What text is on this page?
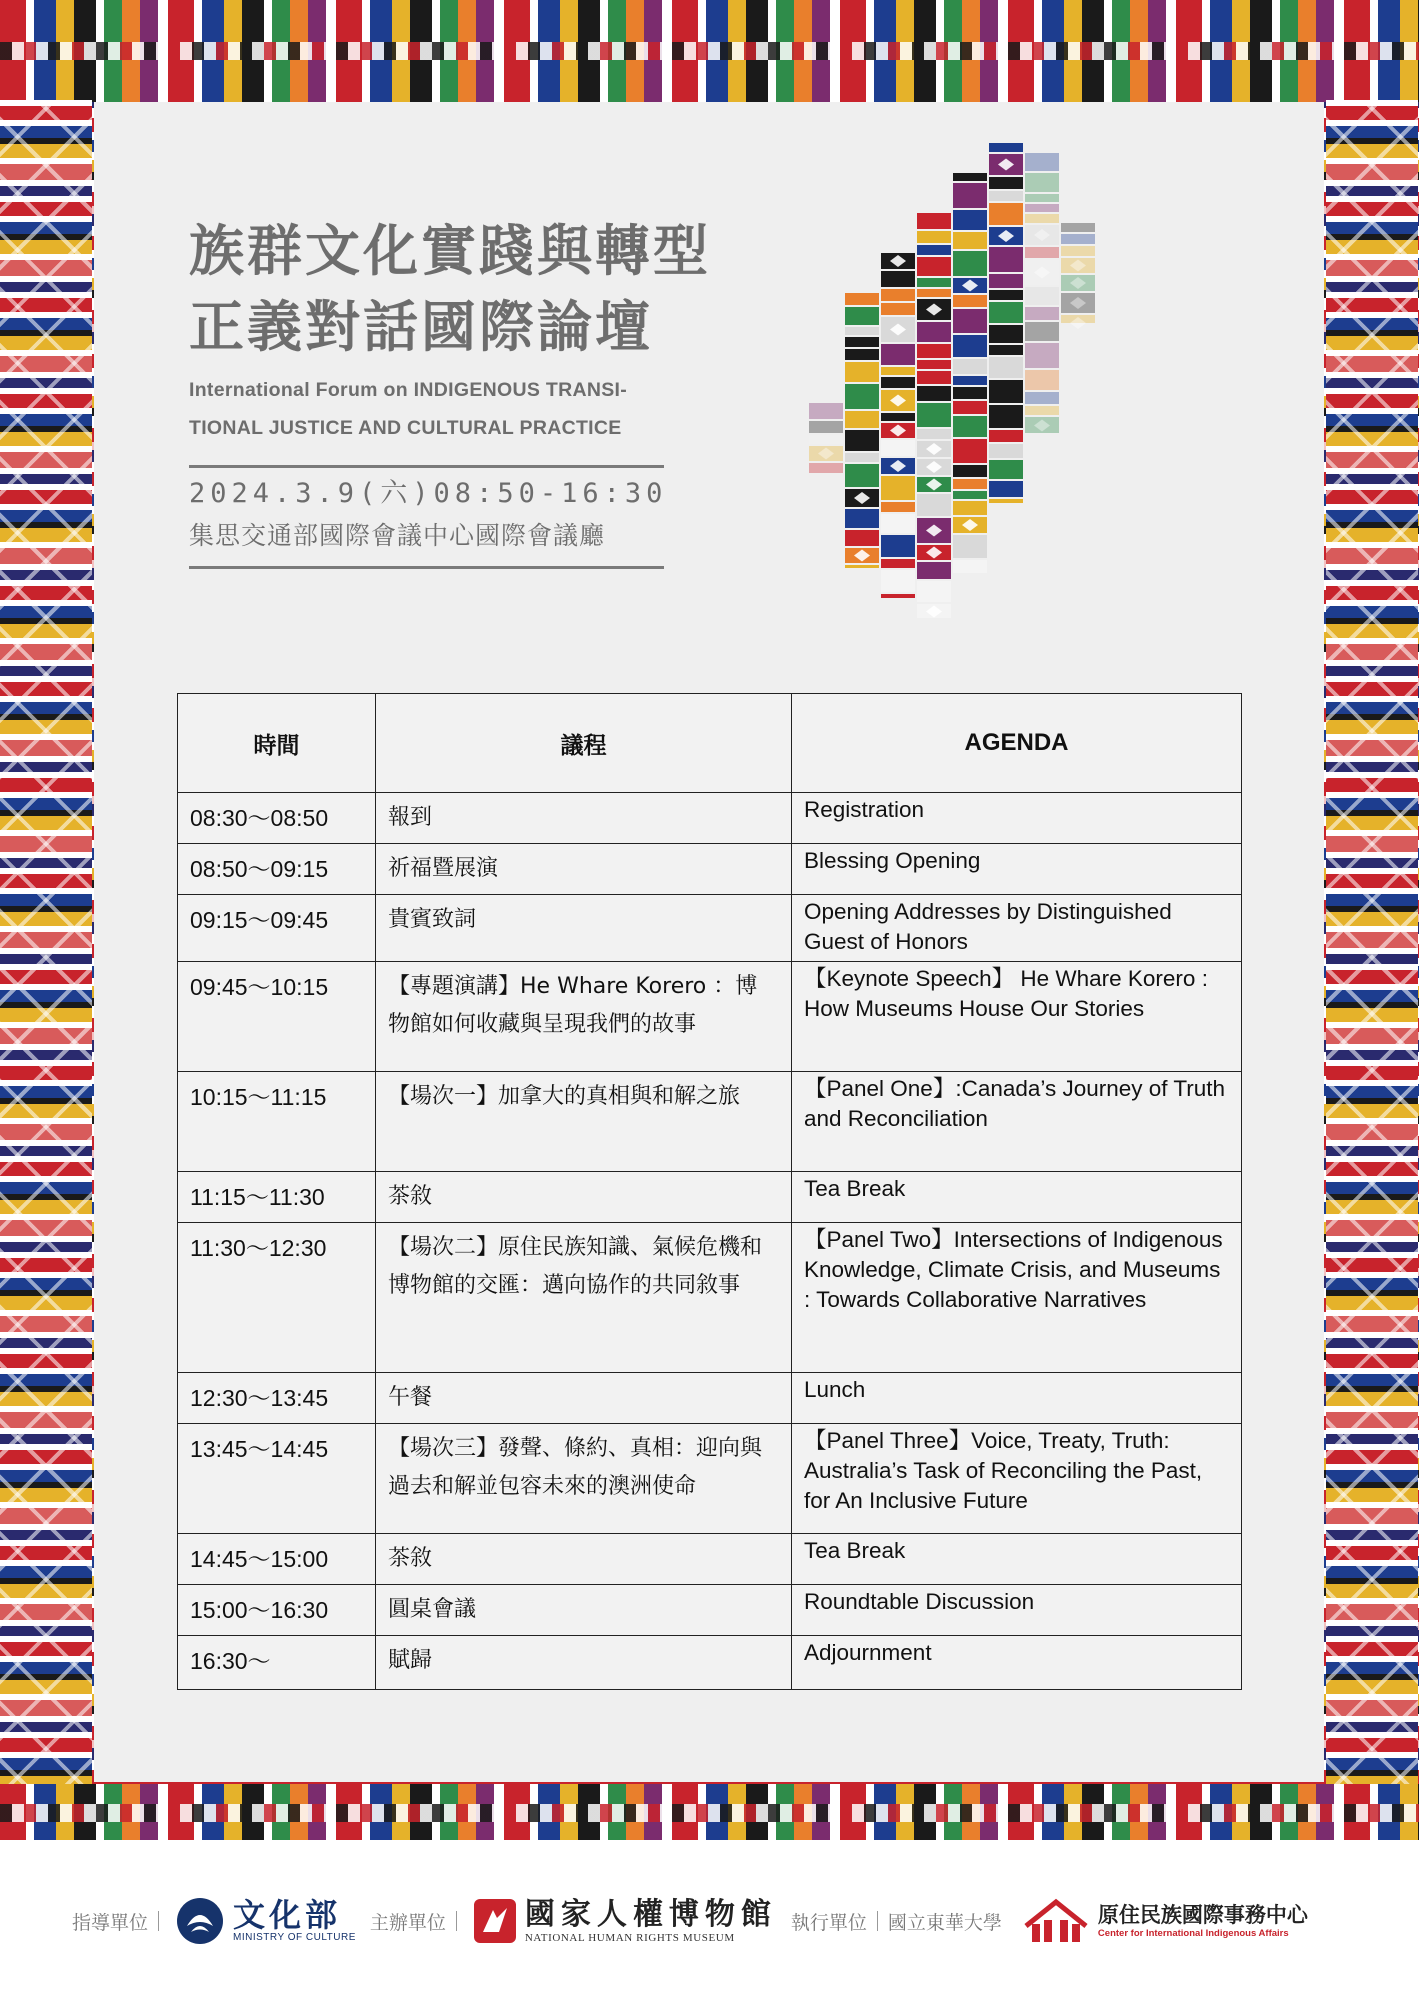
族群文化實踐與轉型

正義對話國際論壇

International Forum on INDIGENOUS TRANSI-
TIONAL JUSTICE AND CULTURAL PRACTICE

2024.3.9(六)08:50-16:30

集思交通部國際會議中心國際會議廳

時間	議程	AGENDA
08:30～08:50	報到	Registration
08:50～09:15	祈福暨展演	Blessing Opening
09:15～09:45	貴賓致詞	Opening Addresses by Distinguished Guest of Honors
09:45～10:15	【專題演講】He Whare Korero ：博物館如何收藏與呈現我們的故事	【Keynote Speech】 He Whare Korero : How Museums House Our Stories
10:15～11:15	【場次一】加拿大的真相與和解之旅	【Panel One】:Canada’s Journey of Truth and Reconciliation
11:15～11:30	茶敘	Tea Break
11:30～12:30	【場次二】原住民族知識、氣候危機和博物館的交匯：邁向協作的共同敘事	【Panel Two】Intersections of Indigenous Knowledge, Climate Crisis, and Museums : Towards Collaborative Narratives
12:30～13:45	午餐	Lunch
13:45～14:45	【場次三】發聲、條約、真相：迎向與過去和解並包容未來的澳洲使命	【Panel Three】Voice, Treaty, Truth: Australia’s Task of Reconciling the Past, for An Inclusive Future
14:45～15:00	茶敘	Tea Break
15:00～16:30	圓桌會議	Roundtable Discussion
16:30～	賦歸	Adjournment
指導單位	文化部
MINISTRY OF CULTURE
主辦單位	國家人權博物館
NATIONAL HUMAN RIGHTS MUSEUM
執行單位 國立東華大學	原住民族國際事務中心
Center for International Indigenous Affairs
